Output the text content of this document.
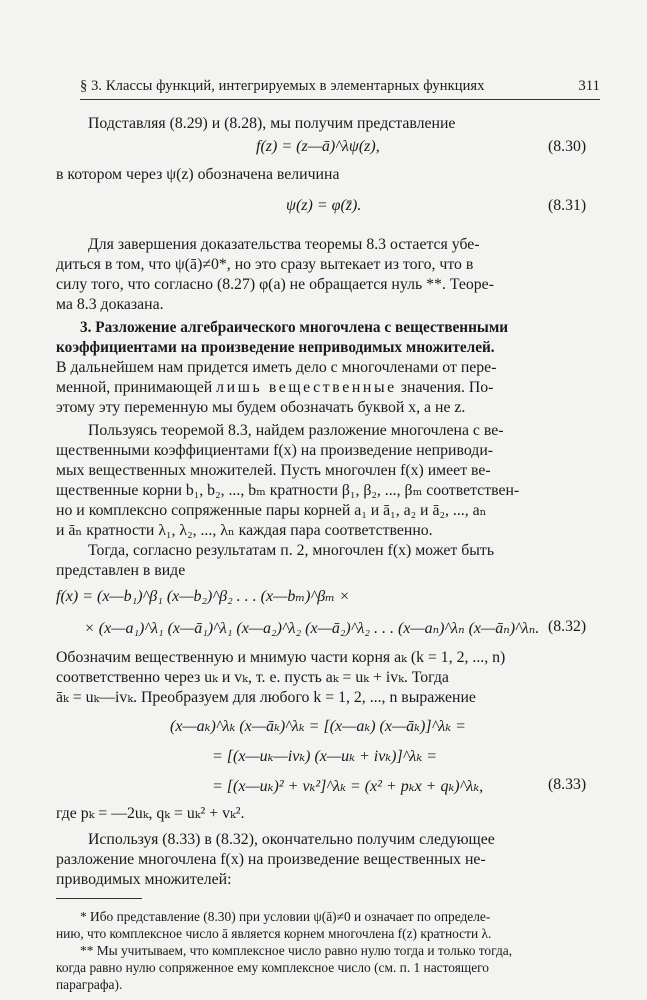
§ 3. Классы функций, интегрируемых в элементарных функциях	311

Подставляя (8.29) и (8.28), мы получим представление
f(z) = (z—ā)^λψ(z),	(8.30)
в котором через ψ(z) обозначена величина
ψ(z) = φ(z̄).	(8.31)
Для завершения доказательства теоремы 8.3 остается убе-
диться в том, что ψ(ā)≠0*, но это сразу вытекает из того, что в
силу того, что согласно (8.27) φ(a) не обращается нуль **. Теоре-
ма 8.3 доказана.
3. Разложение алгебраического многочлена с вещественными
коэффициентами на произведение неприводимых множителей.
В дальнейшем нам придется иметь дело с многочленами от пере-
менной, принимающей лишь вещественные значения. По-
этому эту переменную мы будем обозначать буквой x, а не z.
Пользуясь теоремой 8.3, найдем разложение многочлена с ве-
щественными коэффициентами f(x) на произведение неприводи-
мых вещественных множителей. Пусть многочлен f(x) имеет ве-
щественные корни b₁, b₂, ..., bₘ кратности β₁, β₂, ..., βₘ соответствен-
но и комплексно сопряженные пары корней a₁ и ā₁, a₂ и ā₂, ..., aₙ
и āₙ кратности λ₁, λ₂, ..., λₙ каждая пара соответственно.
Тогда, согласно результатам п. 2, многочлен f(x) может быть
представлен в виде
f(x) = (x—b₁)^β₁ (x—b₂)^β₂ . . . (x—bₘ)^βₘ ×
× (x—a₁)^λ₁ (x—ā₁)^λ₁ (x—a₂)^λ₂ (x—ā₂)^λ₂ . . . (x—aₙ)^λₙ (x—āₙ)^λₙ. (8.32)
Обозначим вещественную и мнимую части корня aₖ (k = 1, 2, ..., n)
соответственно через uₖ и vₖ, т. е. пусть aₖ = uₖ + ivₖ. Тогда
āₖ = uₖ—ivₖ. Преобразуем для любого k = 1, 2, ..., n выражение
(x—aₖ)^λₖ (x—āₖ)^λₖ = [(x—aₖ) (x—āₖ)]^λₖ =
= [(x—uₖ—ivₖ) (x—uₖ + ivₖ)]^λₖ =
= [(x—uₖ)² + vₖ²]^λₖ = (x² + pₖx + qₖ)^λₖ,	(8.33)
где pₖ = —2uₖ, qₖ = uₖ² + vₖ².
Используя (8.33) в (8.32), окончательно получим следующее
разложение многочлена f(x) на произведение вещественных не-
приводимых множителей:
* Ибо представление (8.30) при условии ψ(ā)≠0 и означает по определе-
нию, что комплексное число ā является корнем многочлена f(z) кратности λ.
** Мы учитываем, что комплексное число равно нулю тогда и только тогда,
когда равно нулю сопряженное ему комплексное число (см. п. 1 настоящего
параграфа).
